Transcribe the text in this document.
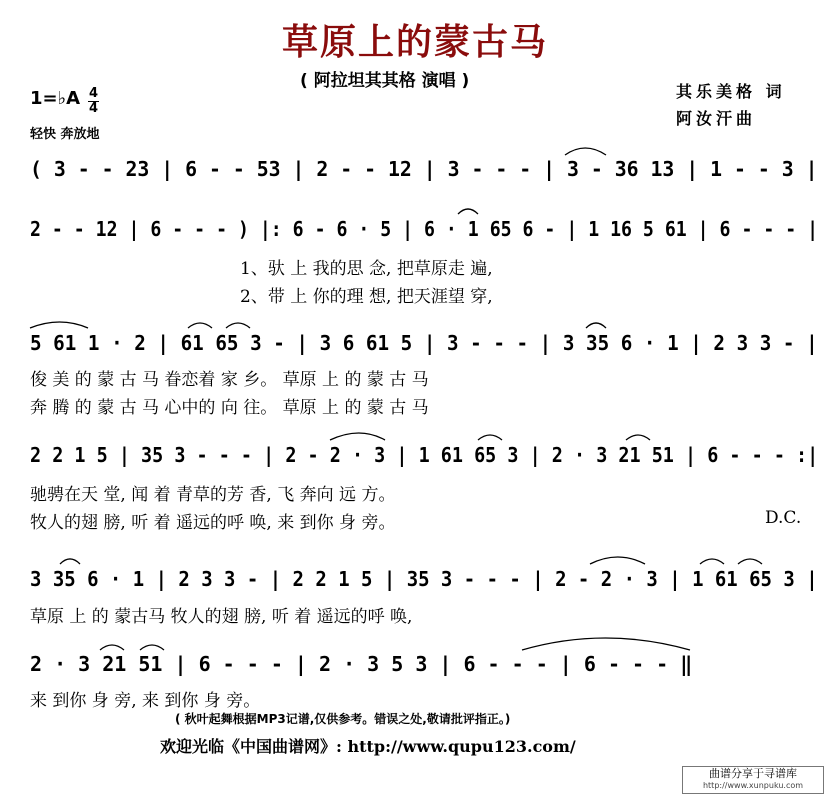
草原上的蒙古马
( 阿拉坦其其格 演唱 )
其乐美格 词
阿汝汗曲
1=♭A 4
4
轻快 奔放地
( 3 - - 23 | 6 - - 53 | 2 - - 12 | 3 - - - | 3 - 36 13 | 1 - - 3 |
2 - - 12 | 6 - - - ) |: 6 - 6 · 5 | 6 · 1 65 6 - | 1 16 5 61 | 6 - - - |
1、驮 上 我的思 念, 把草原走 遍,
2、带 上 你的理 想, 把天涯望 穿,
5 61 1 · 2 | 61 65 3 - | 3 6 61 5 | 3 - - - | 3 35 6 · 1 | 2 3 3 - |
俊 美 的 蒙 古 马 眷恋着 家 乡。 草原 上 的 蒙 古 马
奔 腾 的 蒙 古 马 心中的 向 往。 草原 上 的 蒙 古 马
2 2 1 5 | 35 3 - - - | 2 - 2 · 3 | 1 61 65 3 | 2 · 3 21 51 | 6 - - - :|
驰骋在天 堂, 闻 着 青草的芳 香, 飞 奔向 远 方。
牧人的翅 膀, 听 着 遥远的呼 唤, 来 到你 身 旁。	D.C.
3 35 6 · 1 | 2 3 3 - | 2 2 1 5 | 35 3 - - - | 2 - 2 · 3 | 1 61 65 3 |
草原 上 的 蒙古马 牧人的翅 膀, 听 着 遥远的呼 唤,
2 · 3 21 51 | 6 - - - | 2 · 3 5 3 | 6 - - - | 6 - - - ‖
来 到你 身 旁, 来 到你 身 旁。
( 秋叶起舞根据MP3记谱,仅供参考。错误之处,敬请批评指正。)
欢迎光临《中国曲谱网》: http://www.qupu123.com/
曲谱分享于寻谱库
http://www.xunpuku.com
